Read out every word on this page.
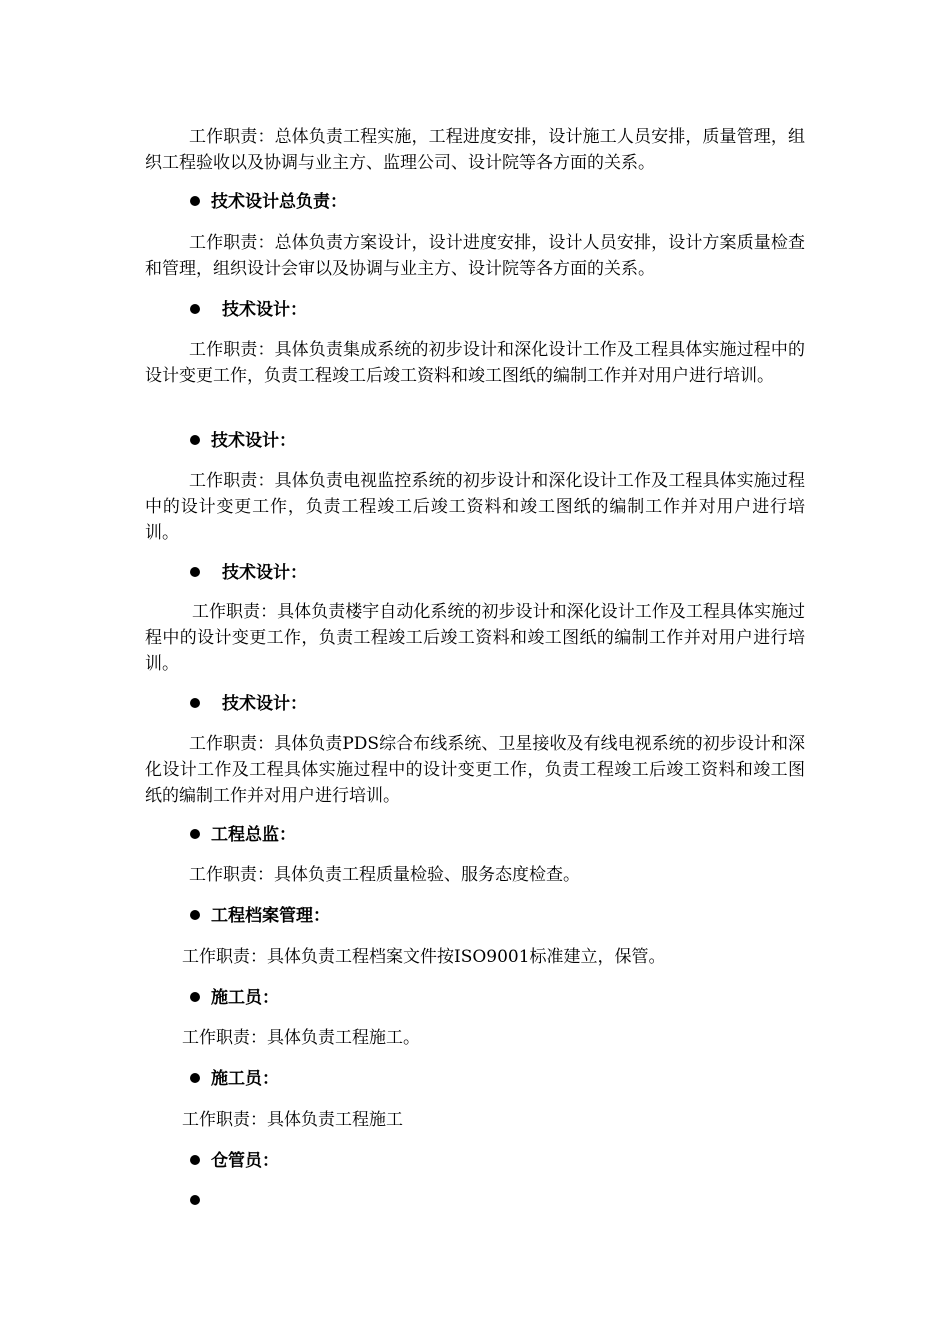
工作职责：总体负责工程实施，工程进度安排，设计施工人员安排，质量管理，组织工程验收以及协调与业主方、监理公司、设计院等各方面的关系。

技术设计总负责：

工作职责：总体负责方案设计，设计进度安排，设计人员安排，设计方案质量检查和管理，组织设计会审以及协调与业主方、设计院等各方面的关系。

技术设计：

工作职责：具体负责集成系统的初步设计和深化设计工作及工程具体实施过程中的设计变更工作，负责工程竣工后竣工资料和竣工图纸的编制工作并对用户进行培训。

技术设计：

工作职责：具体负责电视监控系统的初步设计和深化设计工作及工程具体实施过程中的设计变更工作，负责工程竣工后竣工资料和竣工图纸的编制工作并对用户进行培训。

技术设计：

工作职责：具体负责楼宇自动化系统的初步设计和深化设计工作及工程具体实施过程中的设计变更工作，负责工程竣工后竣工资料和竣工图纸的编制工作并对用户进行培训。

技术设计：

工作职责：具体负责PDS综合布线系统、卫星接收及有线电视系统的初步设计和深化设计工作及工程具体实施过程中的设计变更工作，负责工程竣工后竣工资料和竣工图纸的编制工作并对用户进行培训。

工程总监：

工作职责：具体负责工程质量检验、服务态度检查。

工程档案管理：

工作职责：具体负责工程档案文件按ISO9001标准建立，保管。

施工员：

工作职责：具体负责工程施工。

施工员：

工作职责：具体负责工程施工

仓管员：
